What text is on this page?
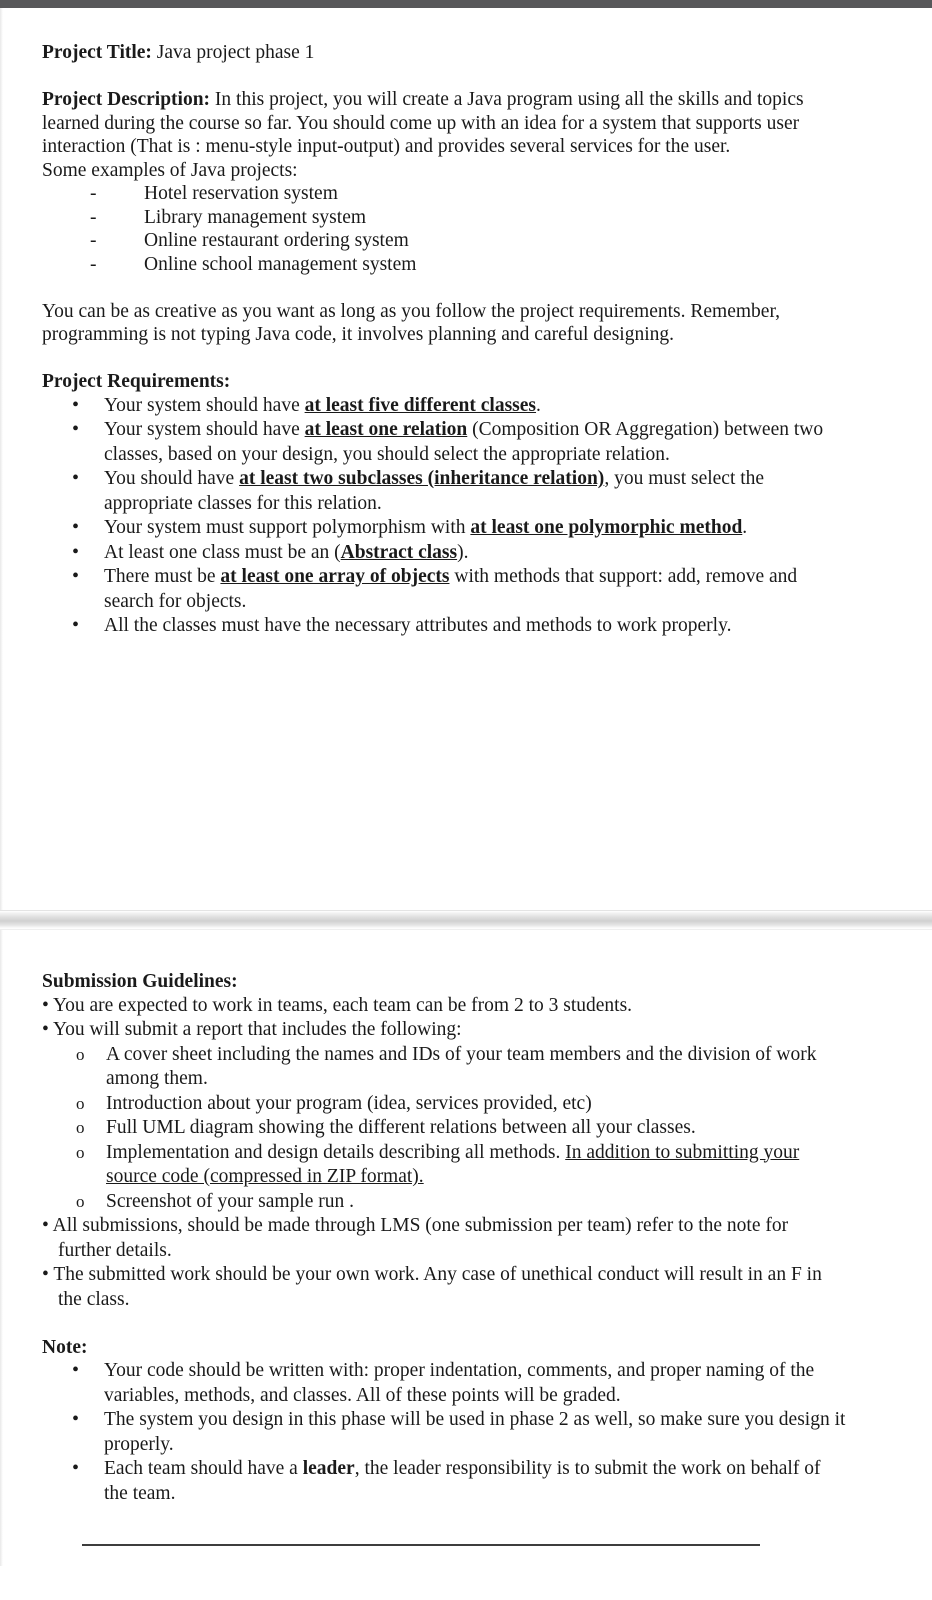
Project Title: Java project phase 1

Project Description: In this project, you will create a Java program using all the skills and topics learned during the course so far. You should come up with an idea for a system that supports user interaction (That is : menu-style input-output) and provides several services for the user.

Some examples of Java projects:

- Hotel reservation system
- Library management system
- Online restaurant ordering system
- Online school management system

You can be as creative as you want as long as you follow the project requirements. Remember, programming is not typing Java code, it involves planning and careful designing.

Project Requirements:
• Your system should have at least five different classes.
• Your system should have at least one relation (Composition OR Aggregation) between two classes, based on your design, you should select the appropriate relation.
• You should have at least two subclasses (inheritance relation), you must select the appropriate classes for this relation.
• Your system must support polymorphism with at least one polymorphic method.
• At least one class must be an (Abstract class).
• There must be at least one array of objects with methods that support: add, remove and search for objects.
• All the classes must have the necessary attributes and methods to work properly.
Submission Guidelines:

• You are expected to work in teams, each team can be from 2 to 3 students.

• You will submit a report that includes the following:

o A cover sheet including the names and IDs of your team members and the division of work among them.
o Introduction about your program (idea, services provided, etc)
o Full UML diagram showing the different relations between all your classes.
o Implementation and design details describing all methods. In addition to submitting your source code (compressed in ZIP format).
o Screenshot of your sample run .

• All submissions, should be made through LMS (one submission per team) refer to the note for further details.

• The submitted work should be your own work. Any case of unethical conduct will result in an F in the class.

Note:
• Your code should be written with: proper indentation, comments, and proper naming of the variables, methods, and classes. All of these points will be graded.
• The system you design in this phase will be used in phase 2 as well, so make sure you design it properly.
• Each team should have a leader, the leader responsibility is to submit the work on behalf of the team.
